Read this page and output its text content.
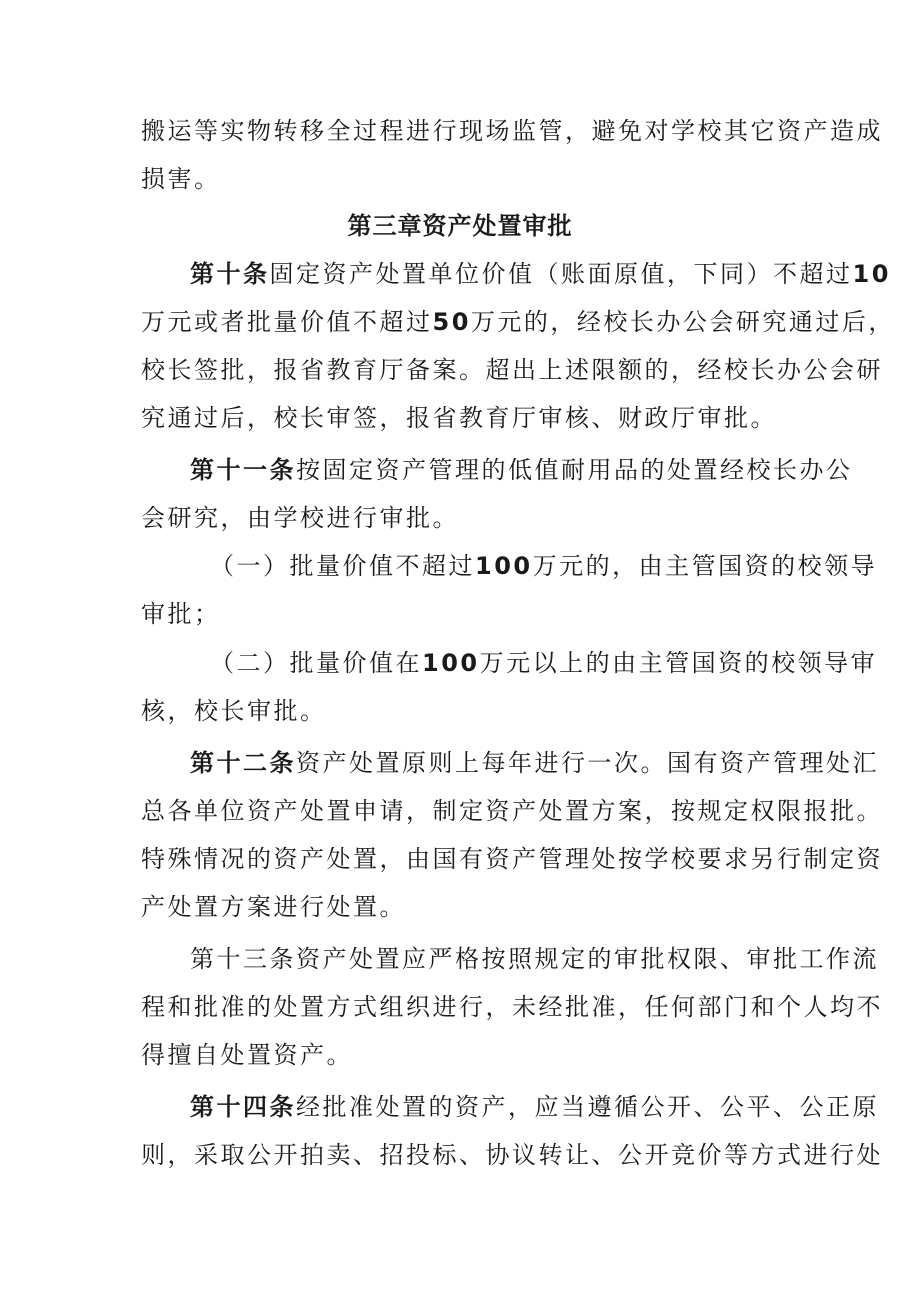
搬运等实物转移全过程进行现场监管，避免对学校其它资产造成
损害。
第三章资产处置审批
第十条固定资产处置单位价值（账面原值，下同）不超过10
万元或者批量价值不超过50万元的，经校长办公会研究通过后，
校长签批，报省教育厅备案。超出上述限额的，经校长办公会研
究通过后，校长审签，报省教育厅审核、财政厅审批。
第十一条按固定资产管理的低值耐用品的处置经校长办公
会研究，由学校进行审批。
（一）批量价值不超过100万元的，由主管国资的校领导
审批；
（二）批量价值在100万元以上的由主管国资的校领导审
核，校长审批。
第十二条资产处置原则上每年进行一次。国有资产管理处汇
总各单位资产处置申请，制定资产处置方案，按规定权限报批。
特殊情况的资产处置，由国有资产管理处按学校要求另行制定资
产处置方案进行处置。
第十三条资产处置应严格按照规定的审批权限、审批工作流
程和批准的处置方式组织进行，未经批准，任何部门和个人均不
得擅自处置资产。
第十四条经批准处置的资产，应当遵循公开、公平、公正原
则，采取公开拍卖、招投标、协议转让、公开竞价等方式进行处
